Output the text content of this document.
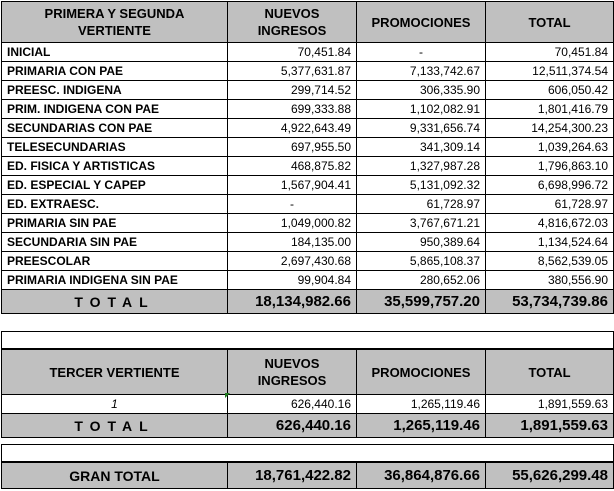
PRIMERA Y SEGUNDA VERTIENTE	NUEVOS INGRESOS	PROMOCIONES	TOTAL
INICIAL	70,451.84	-	70,451.84
PRIMARIA CON PAE	5,377,631.87	7,133,742.67	12,511,374.54
PREESC. INDIGENA	299,714.52	306,335.90	606,050.42
PRIM. INDIGENA CON PAE	699,333.88	1,102,082.91	1,801,416.79
SECUNDARIAS CON PAE	4,922,643.49	9,331,656.74	14,254,300.23
TELESECUNDARIAS	697,955.50	341,309.14	1,039,264.63
ED. FISICA Y ARTISTICAS	468,875.82	1,327,987.28	1,796,863.10
ED. ESPECIAL Y CAPEP	1,567,904.41	5,131,092.32	6,698,996.72
ED. EXTRAESC.	-	61,728.97	61,728.97
PRIMARIA SIN PAE	1,049,000.82	3,767,671.21	4,816,672.03
SECUNDARIA SIN PAE	184,135.00	950,389.64	1,134,524.64
PREESCOLAR	2,697,430.68	5,865,108.37	8,562,539.05
PRIMARIA INDIGENA SIN PAE	99,904.84	280,652.06	380,556.90
TOTAL	18,134,982.66	35,599,757.20	53,734,739.86

TERCER VERTIENTE	NUEVOS INGRESOS	PROMOCIONES	TOTAL
1	626,440.16	1,265,119.46	1,891,559.63
TOTAL	626,440.16	1,265,119.46	1,891,559.63

GRAN TOTAL	18,761,422.82	36,864,876.66	55,626,299.48
